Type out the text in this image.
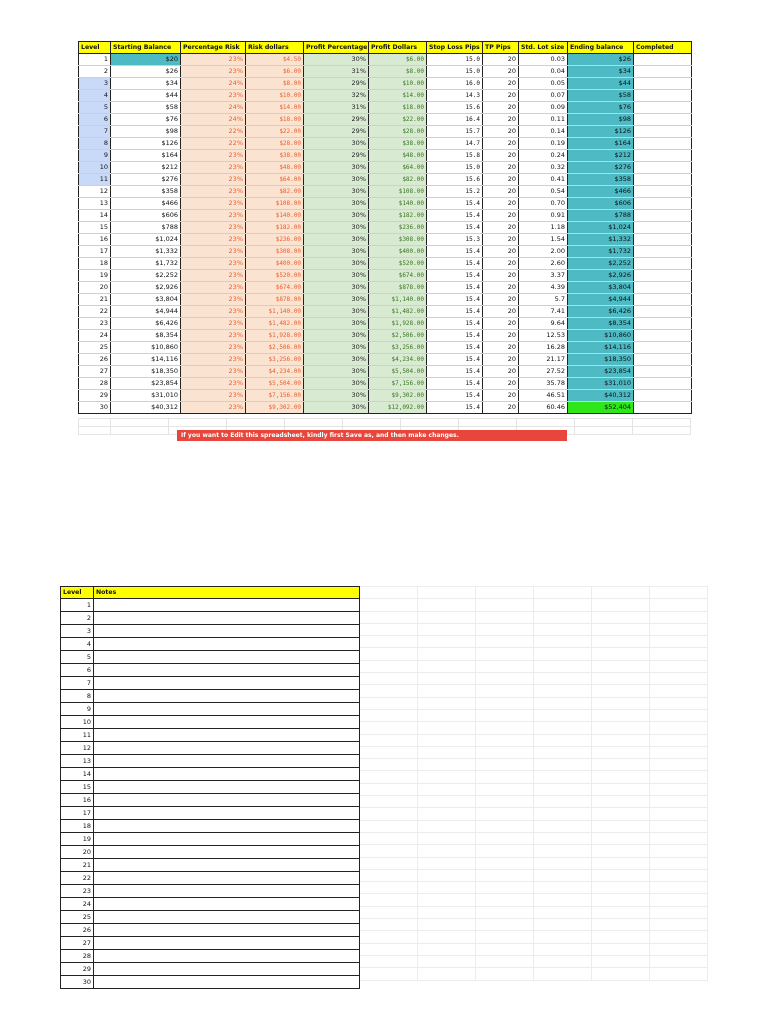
Level	Starting Balance	Percentage Risk	Risk dollars	Profit Percentage	Profit Dollars	Stop Loss Pips	TP Pips	Std. Lot size	Ending balance	Completed
1	$20	23%	$4.50	30%	$6.00	15.0	20	0.03	$26	
2	$26	23%	$6.00	31%	$8.00	15.0	20	0.04	$34	
3	$34	24%	$8.00	29%	$10.00	16.0	20	0.05	$44	
4	$44	23%	$10.00	32%	$14.00	14.3	20	0.07	$58	
5	$58	24%	$14.00	31%	$18.00	15.6	20	0.09	$76	
6	$76	24%	$18.00	29%	$22.00	16.4	20	0.11	$98	
7	$98	22%	$22.00	29%	$28.00	15.7	20	0.14	$126	
8	$126	22%	$28.00	30%	$38.00	14.7	20	0.19	$164	
9	$164	23%	$38.00	29%	$48.00	15.8	20	0.24	$212	
10	$212	23%	$48.00	30%	$64.00	15.0	20	0.32	$276	
11	$276	23%	$64.00	30%	$82.00	15.6	20	0.41	$358	
12	$358	23%	$82.00	30%	$108.00	15.2	20	0.54	$466	
13	$466	23%	$108.00	30%	$140.00	15.4	20	0.70	$606	
14	$606	23%	$140.00	30%	$182.00	15.4	20	0.91	$788	
15	$788	23%	$182.00	30%	$236.00	15.4	20	1.18	$1,024	
16	$1,024	23%	$236.00	30%	$308.00	15.3	20	1.54	$1,332	
17	$1,332	23%	$308.00	30%	$400.00	15.4	20	2.00	$1,732	
18	$1,732	23%	$400.00	30%	$520.00	15.4	20	2.60	$2,252	
19	$2,252	23%	$520.00	30%	$674.00	15.4	20	3.37	$2,926	
20	$2,926	23%	$674.00	30%	$878.00	15.4	20	4.39	$3,804	
21	$3,804	23%	$878.00	30%	$1,140.00	15.4	20	5.7	$4,944	
22	$4,944	23%	$1,140.00	30%	$1,482.00	15.4	20	7.41	$6,426	
23	$6,426	23%	$1,482.00	30%	$1,928.00	15.4	20	9.64	$8,354	
24	$8,354	23%	$1,928.00	30%	$2,506.00	15.4	20	12.53	$10,860	
25	$10,860	23%	$2,506.00	30%	$3,256.00	15.4	20	16.28	$14,116	
26	$14,116	23%	$3,256.00	30%	$4,234.00	15.4	20	21.17	$18,350	
27	$18,350	23%	$4,234.00	30%	$5,504.00	15.4	20	27.52	$23,854	
28	$23,854	23%	$5,504.00	30%	$7,156.00	15.4	20	35.78	$31,010	
29	$31,010	23%	$7,156.00	30%	$9,302.00	15.4	20	46.51	$40,312	
30	$40,312	23%	$9,302.00	30%	$12,092.00	15.4	20	60.46	$52,404	

If you want to Edit this spreadsheet, kindly first Save as, and then make changes.

Level	Notes
1	
2	
3	
4	
5	
6	
7	
8	
9	
10	
11	
12	
13	
14	
15	
16	
17	
18	
19	
20	
21	
22	
23	
24	
25	
26	
27	
28	
29	
30	
